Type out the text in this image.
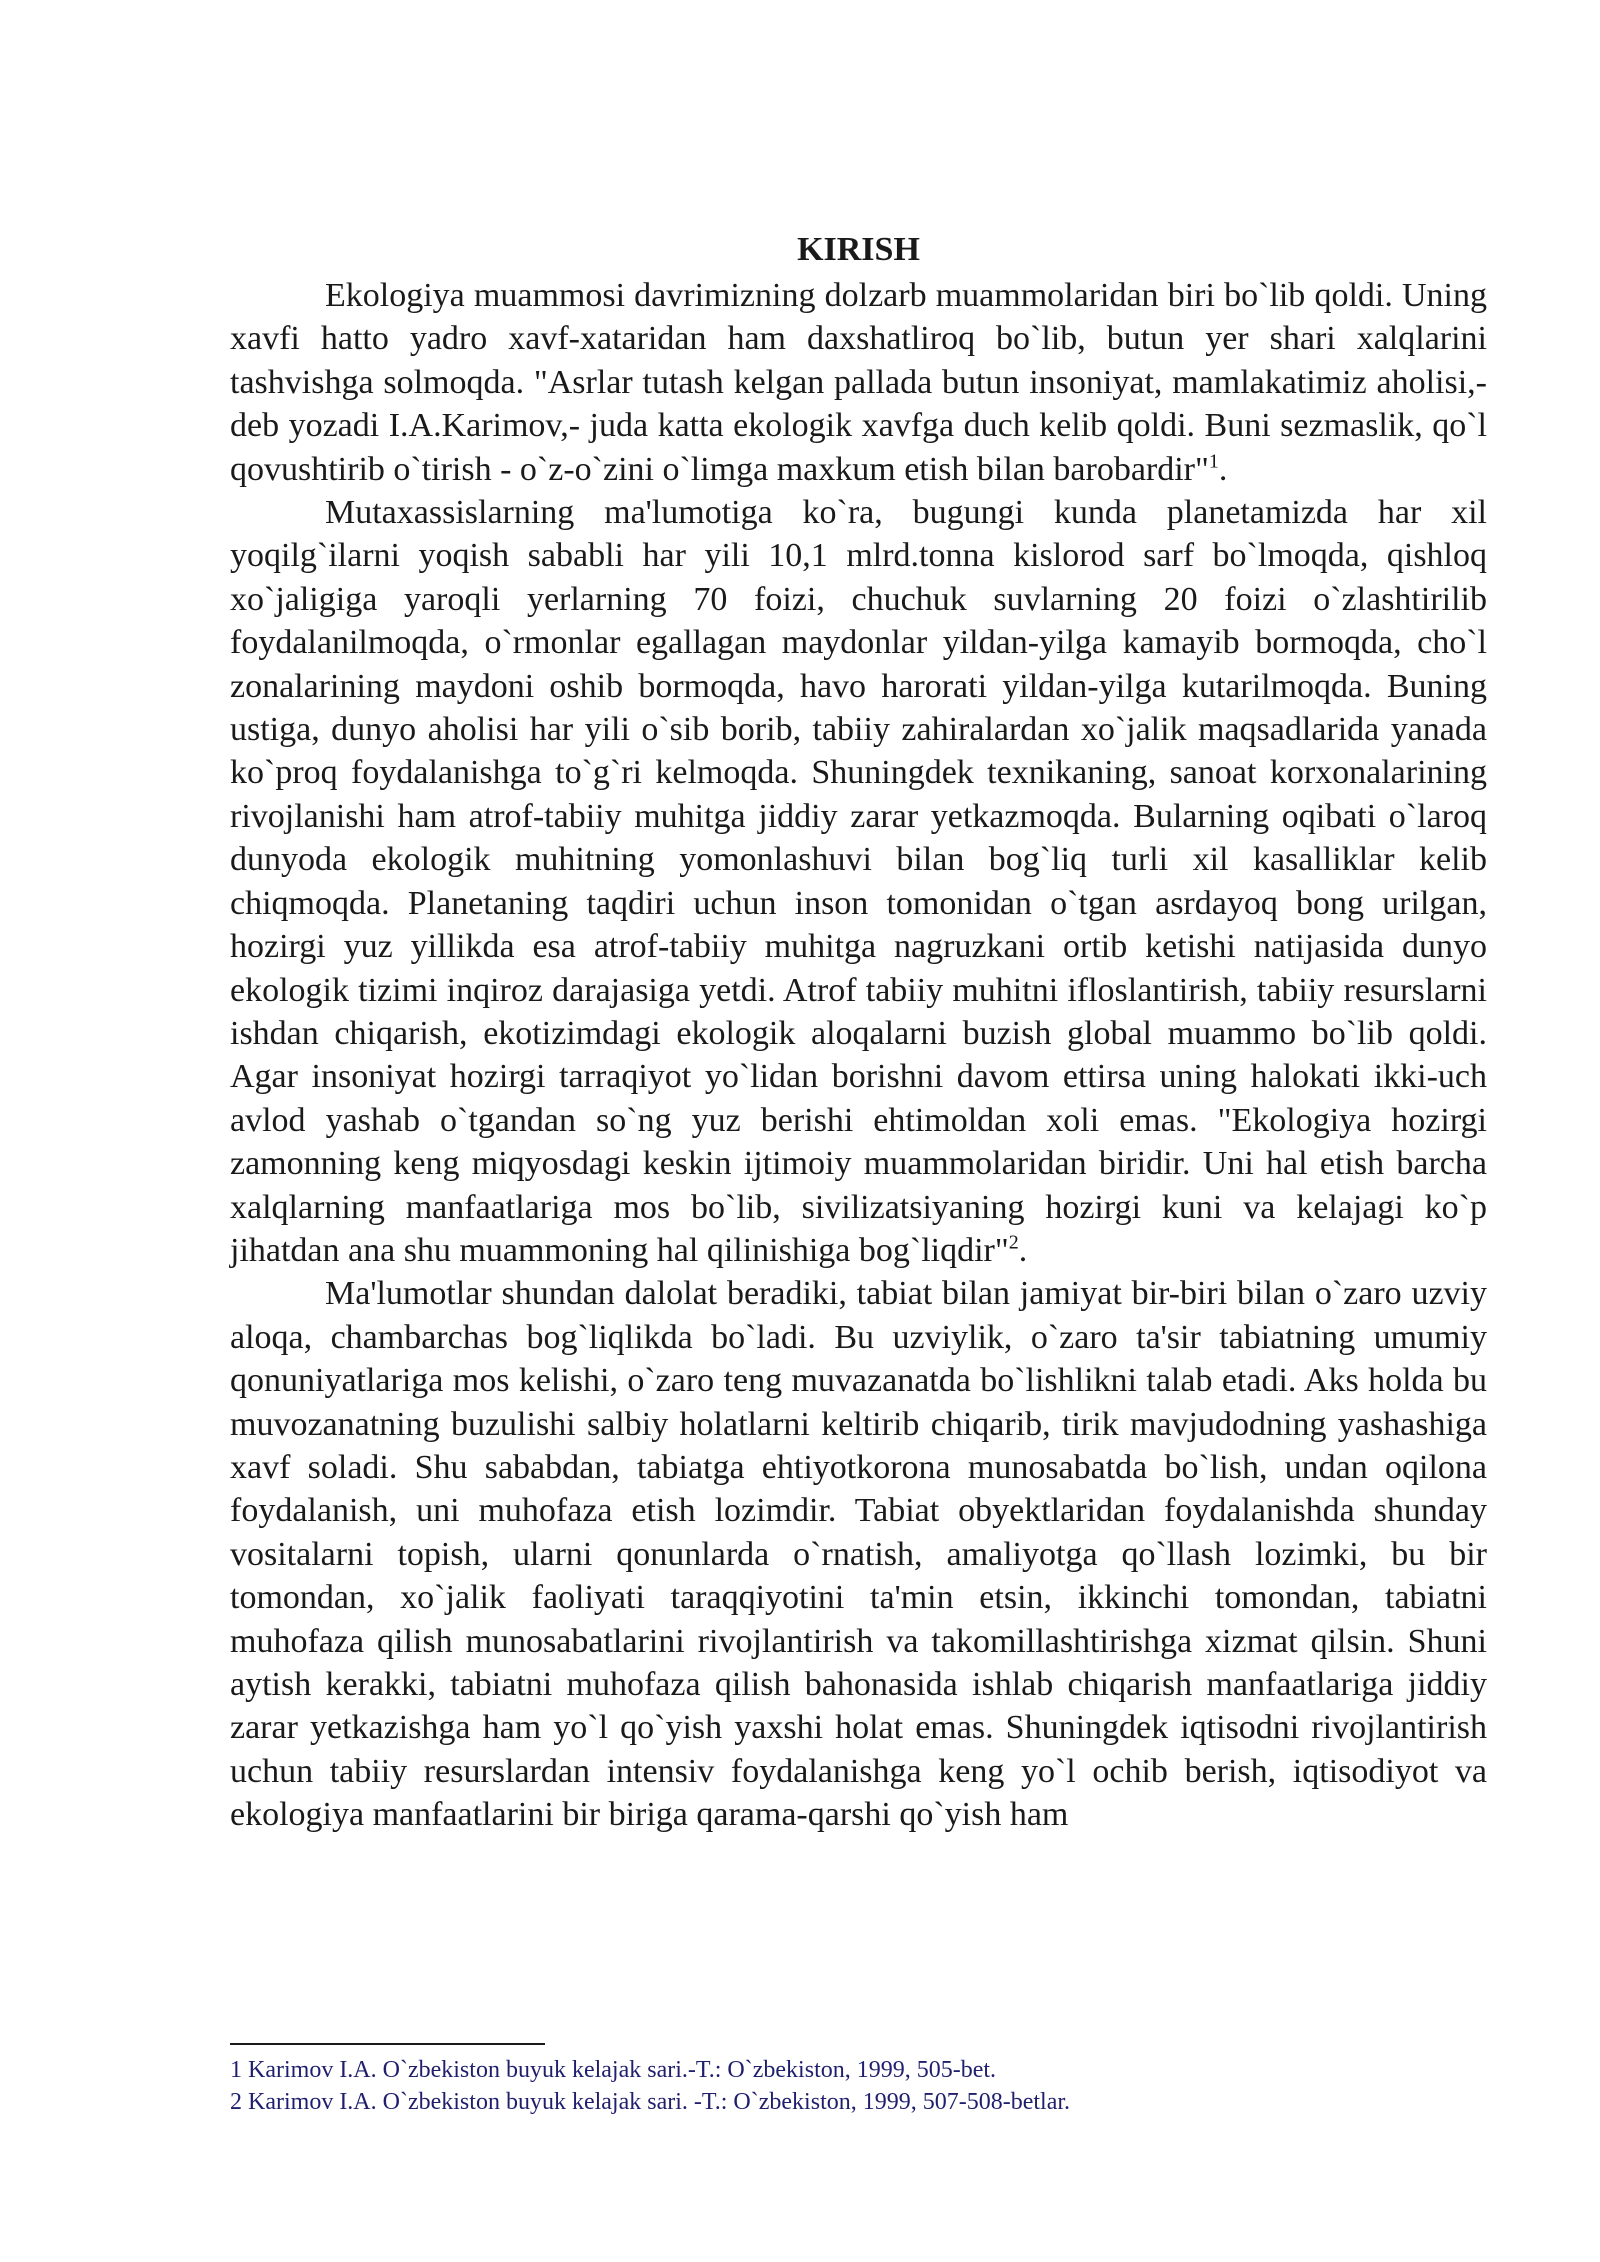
KIRISH

Ekologiya muammosi davrimizning dolzarb muammolaridan biri bo`lib qoldi. Uning xavfi hatto yadro xavf-xataridan ham daxshatliroq bo`lib, butun yer shari xalqlarini tashvishga solmoqda. "Asrlar tutash kelgan pallada butun insoniyat, mamlakatimiz aholisi,- deb yozadi I.A.Karimov,- juda katta ekologik xavfga duch kelib qoldi. Buni sezmaslik, qo`l qovushtirib o`tirish - o`z-o`zini o`limga maxkum etish bilan barobardir"$^1$.

Mutaxassislarning ma'lumotiga ko`ra, bugungi kunda planetamizda har xil yoqilg`ilarni yoqish sababli har yili 10,1 mlrd.tonna kislorod sarf bo`lmoqda, qishloq xo`jaligiga yaroqli yerlarning 70 foizi, chuchuk suvlarning 20 foizi o`zlashtirilib foydalanilmoqda, o`rmonlar egallagan maydonlar yildan-yilga kamayib bormoqda, cho`l zonalarining maydoni oshib bormoqda, havo harorati yildan-yilga kutarilmoqda. Buning ustiga, dunyo aholisi har yili o`sib borib, tabiiy zahiralardan xo`jalik maqsadlarida yanada ko`proq foydalanishga to`g`ri kelmoqda. Shuningdek texnikaning, sanoat korxonalarining rivojlanishi ham atrof-tabiiy muhitga jiddiy zarar yetkazmoqda. Bularning oqibati o`laroq dunyoda ekologik muhitning yomonlashuvi bilan bog`liq turli xil kasalliklar kelib chiqmoqda. Planetaning taqdiri uchun inson tomonidan o`tgan asrdayoq bong urilgan, hozirgi yuz yillikda esa atrof-tabiiy muhitga nagruzkani ortib ketishi natijasida dunyo ekologik tizimi inqiroz darajasiga yetdi. Atrof tabiiy muhitni ifloslantirish, tabiiy resurslarni ishdan chiqarish, ekotizimdagi ekologik aloqalarni buzish global muammo bo`lib qoldi. Agar insoniyat hozirgi tarraqiyot yo`lidan borishni davom ettirsa uning halokati ikki-uch avlod yashab o`tgandan so`ng yuz berishi ehtimoldan xoli emas. "Ekologiya hozirgi zamonning keng miqyosdagi keskin ijtimoiy muammolaridan biridir. Uni hal etish barcha xalqlarning manfaatlariga mos bo`lib, sivilizatsiyaning hozirgi kuni va kelajagi ko`p jihatdan ana shu muammoning hal qilinishiga bog`liqdir"$^2$.

Ma'lumotlar shundan dalolat beradiki, tabiat bilan jamiyat bir-biri bilan o`zaro uzviy aloqa, chambarchas bog`liqlikda bo`ladi. Bu uzviylik, o`zaro ta'sir tabiatning umumiy qonuniyatlariga mos kelishi, o`zaro teng muvazanatda bo`lishlikni talab etadi. Aks holda bu muvozanatning buzulishi salbiy holatlarni keltirib chiqarib, tirik mavjudodning yashashiga xavf soladi. Shu sababdan, tabiatga ehtiyotkorona munosabatda bo`lish, undan oqilona foydalanish, uni muhofaza etish lozimdir. Tabiat obyektlaridan foydalanishda shunday vositalarni topish, ularni qonunlarda o`rnatish, amaliyotga qo`llash lozimki, bu bir tomondan, xo`jalik faoliyati taraqqiyotini ta'min etsin, ikkinchi tomondan, tabiatni muhofaza qilish munosabatlarini rivojlantirish va takomillashtirishga xizmat qilsin. Shuni aytish kerakki, tabiatni muhofaza qilish bahonasida ishlab chiqarish manfaatlariga jiddiy zarar yetkazishga ham yo`l qo`yish yaxshi holat emas. Shuningdek iqtisodni rivojlantirish uchun tabiiy resurslardan intensiv foydalanishga keng yo`l ochib berish, iqtisodiyot va ekologiya manfaatlarini bir biriga qarama-qarshi qo`yish ham

1 Karimov I.A. O`zbekiston buyuk kelajak sari.-T.: O`zbekiston, 1999, 505-bet.
2 Karimov I.A. O`zbekiston buyuk kelajak sari. -T.: O`zbekiston, 1999, 507-508-betlar.
